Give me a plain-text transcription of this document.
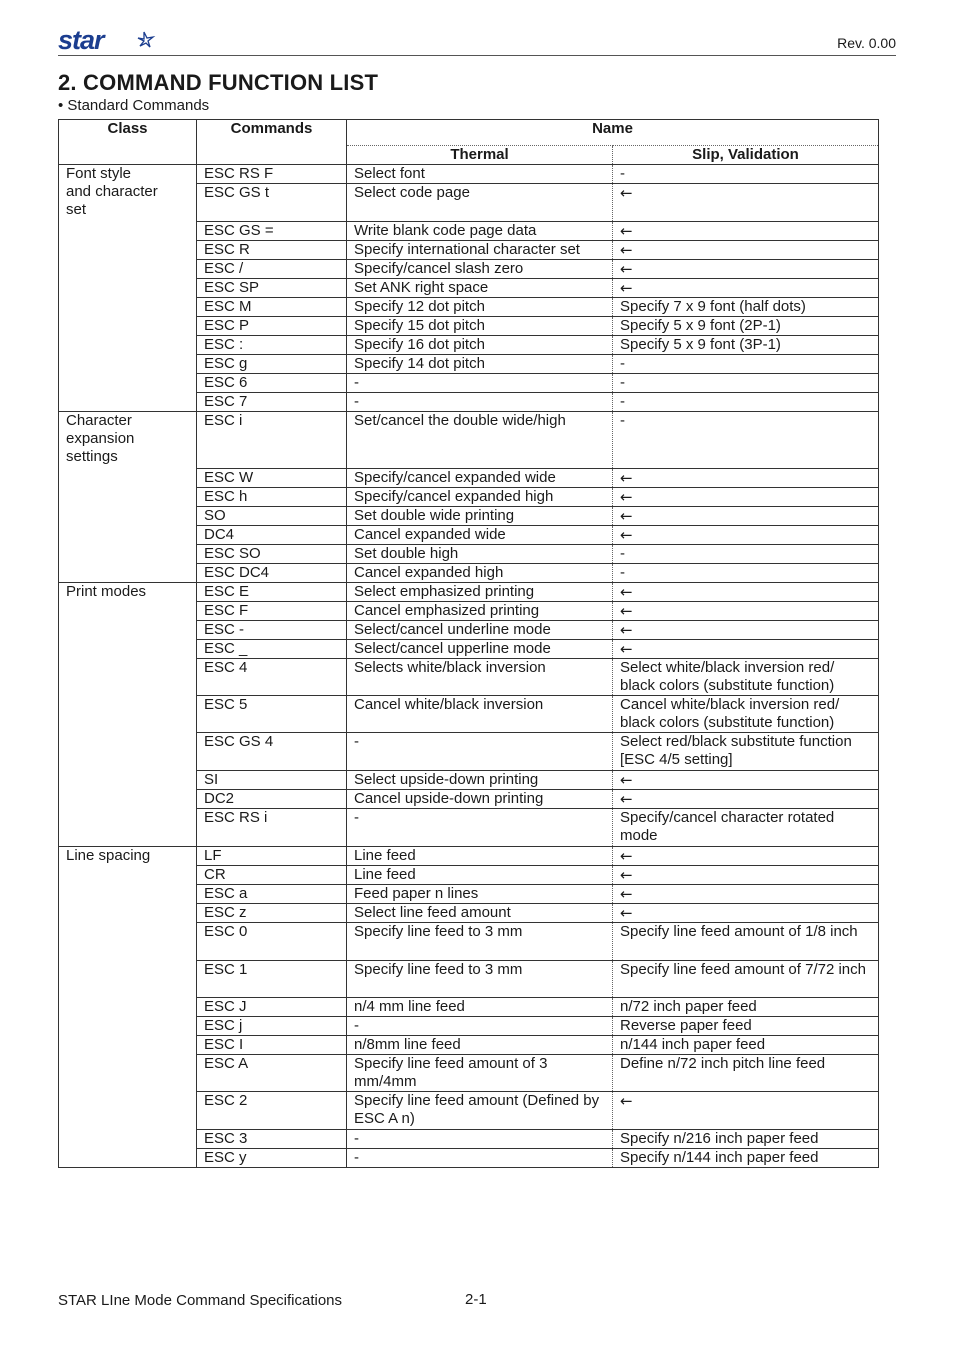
star	Rev. 0.00
2. COMMAND FUNCTION LIST
• Standard Commands
Class	Commands	Name	
		Thermal	Slip, Validation
Font style
and character
set	ESC RS F	Select font	-
	ESC GS t	Select code page	←
	ESC GS =	Write blank code page data	←
	ESC R	Specify international character set	←
	ESC /	Specify/cancel slash zero	←
	ESC SP	Set ANK right space	←
	ESC M	Specify 12 dot pitch	Specify 7 x 9 font (half dots)
	ESC P	Specify 15 dot pitch	Specify 5 x 9 font (2P-1)
	ESC :	Specify 16 dot pitch	Specify 5 x 9 font (3P-1)
	ESC g	Specify 14 dot pitch	-
	ESC 6	-	-
	ESC 7	-	-
Character
expansion
settings	ESC i	Set/cancel the double wide/high	-
	ESC W	Specify/cancel expanded wide	←
	ESC h	Specify/cancel expanded high	←
	SO	Set double wide printing	←
	DC4	Cancel expanded wide	←
	ESC SO	Set double high	-
	ESC DC4	Cancel expanded high	-
Print modes	ESC E	Select emphasized printing	←
	ESC F	Cancel emphasized printing	←
	ESC -	Select/cancel underline mode	←
	ESC _	Select/cancel upperline mode	←
	ESC 4	Selects white/black inversion	Select white/black inversion red/ black colors (substitute function)
	ESC 5	Cancel white/black inversion	Cancel white/black inversion red/ black colors (substitute function)
	ESC GS 4	-	Select red/black substitute function [ESC 4/5 setting]
	SI	Select upside-down printing	←
	DC2	Cancel upside-down printing	←
	ESC RS i	-	Specify/cancel character rotated mode
Line spacing	LF	Line feed	←
	CR	Line feed	←
	ESC a	Feed paper n lines	←
	ESC z	Select line feed amount	←
	ESC 0	Specify line feed to 3 mm	Specify line feed amount of 1/8 inch
	ESC 1	Specify line feed to 3 mm	Specify line feed amount of 7/72 inch
	ESC J	n/4 mm line feed	n/72 inch paper feed
	ESC j	-	Reverse paper feed
	ESC I	n/8mm line feed	n/144 inch paper feed
	ESC A	Specify line feed amount of 3 mm/4mm	Define n/72 inch pitch line feed
	ESC 2	Specify line feed amount (Defined by ESC A n)	←
	ESC 3	-	Specify n/216 inch paper feed
	ESC y	-	Specify n/144 inch paper feed
STAR LIne Mode Command Specifications	2-1
